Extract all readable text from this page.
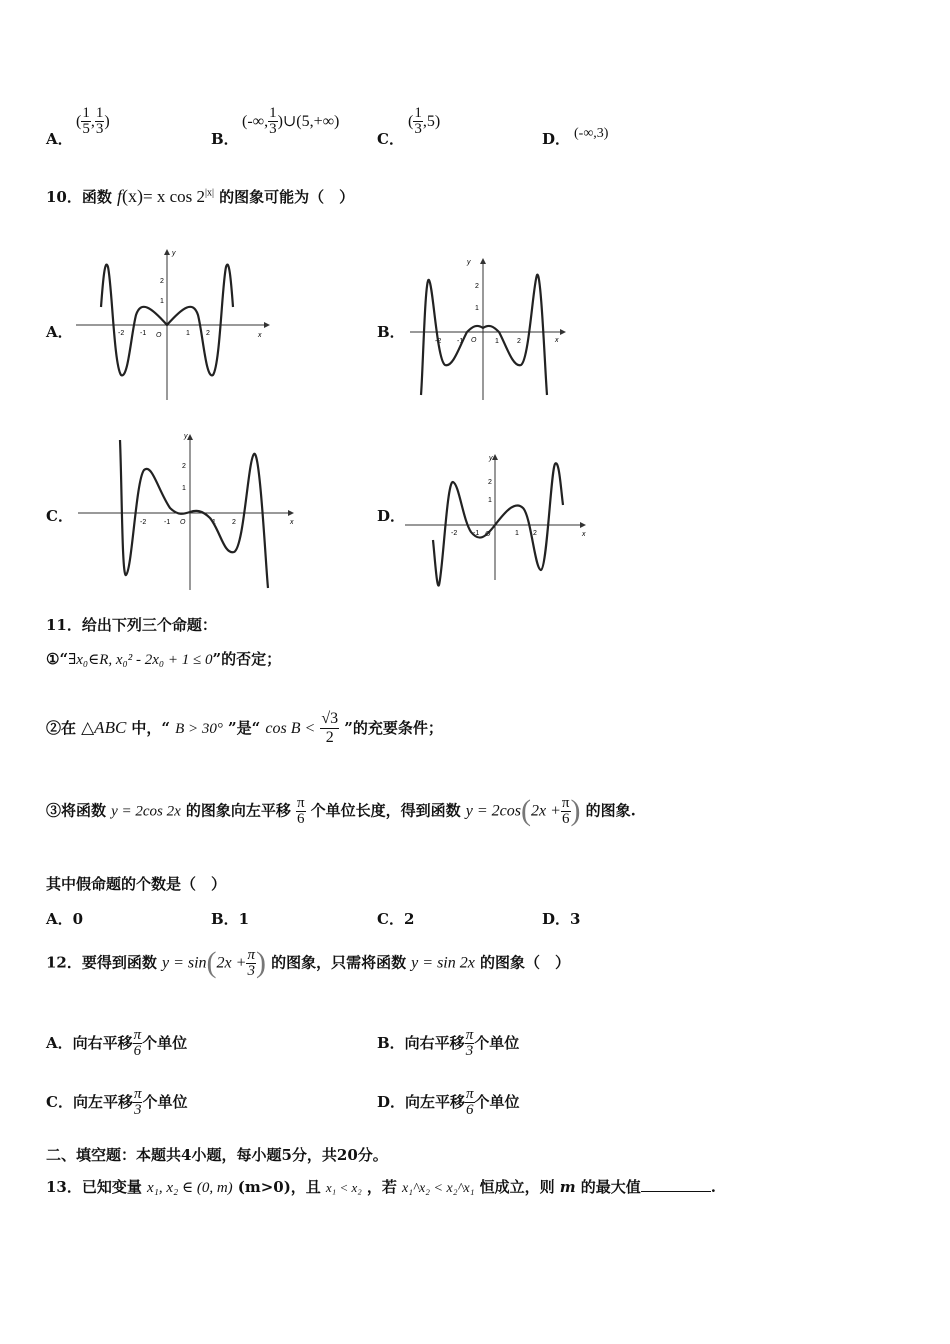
A．
( $\frac{1}{5}$ , $\frac{1}{3}$ )
B．
(-∞, $\frac{1}{3}$ )∪(5,+∞)
C．
( $\frac{1}{3} ,5$)
D． (-∞,3)
10．函数 f(x)= x $\cos 2^{|x|}$ 的图象可能为（　）
A．	B．
C．	D．
y
x
O
-2 -1	1 2
1
2
y
x
O
-2 -1	1	2
1
2
y
x
O
-2	-1	1 2
1
2
y
x
O
-2 -1	1 2
1
2
11．给出下列三个命题：
①“∃x₀∈R, x₀² - 2x₀ + 1 ≤ 0”的否定；
②在 △ABC 中，“ B > 30° ”是“ $\cos B < \frac{√3}{2}$ ”的充要条件；
③将函数 y = 2cos 2x 的图象向左平移 $\frac{\pi}{6}$ 个单位长度，得到函数 $y = 2\cos(2x + \frac{\pi}{6}$ ) 的图象.
其中假命题的个数是（　）
A．0	B．1	C．2	D．3
12．要得到函数 $y = \sin(2x + \frac{\pi}{3}$ ) 的图象，只需将函数 y = sin 2x 的图象（　）
A．向右平移 $\frac{\pi}{6}$ 个单位	B．向右平移 $\frac{\pi}{3}$ 个单位
C．向左平移 $\frac{\pi}{3}$ 个单位	D．向左平移 $\frac{\pi}{6}$ 个单位
二、填空题：本题共4小题，每小题5分，共20分。
13．已知变量 x₁, x₂ ∈ (0, m) (m>0)，且 x₁ < x₂ ，若 x₁^x₂ < x₂^x₁ 恒成立，则 m 的最大值	.
